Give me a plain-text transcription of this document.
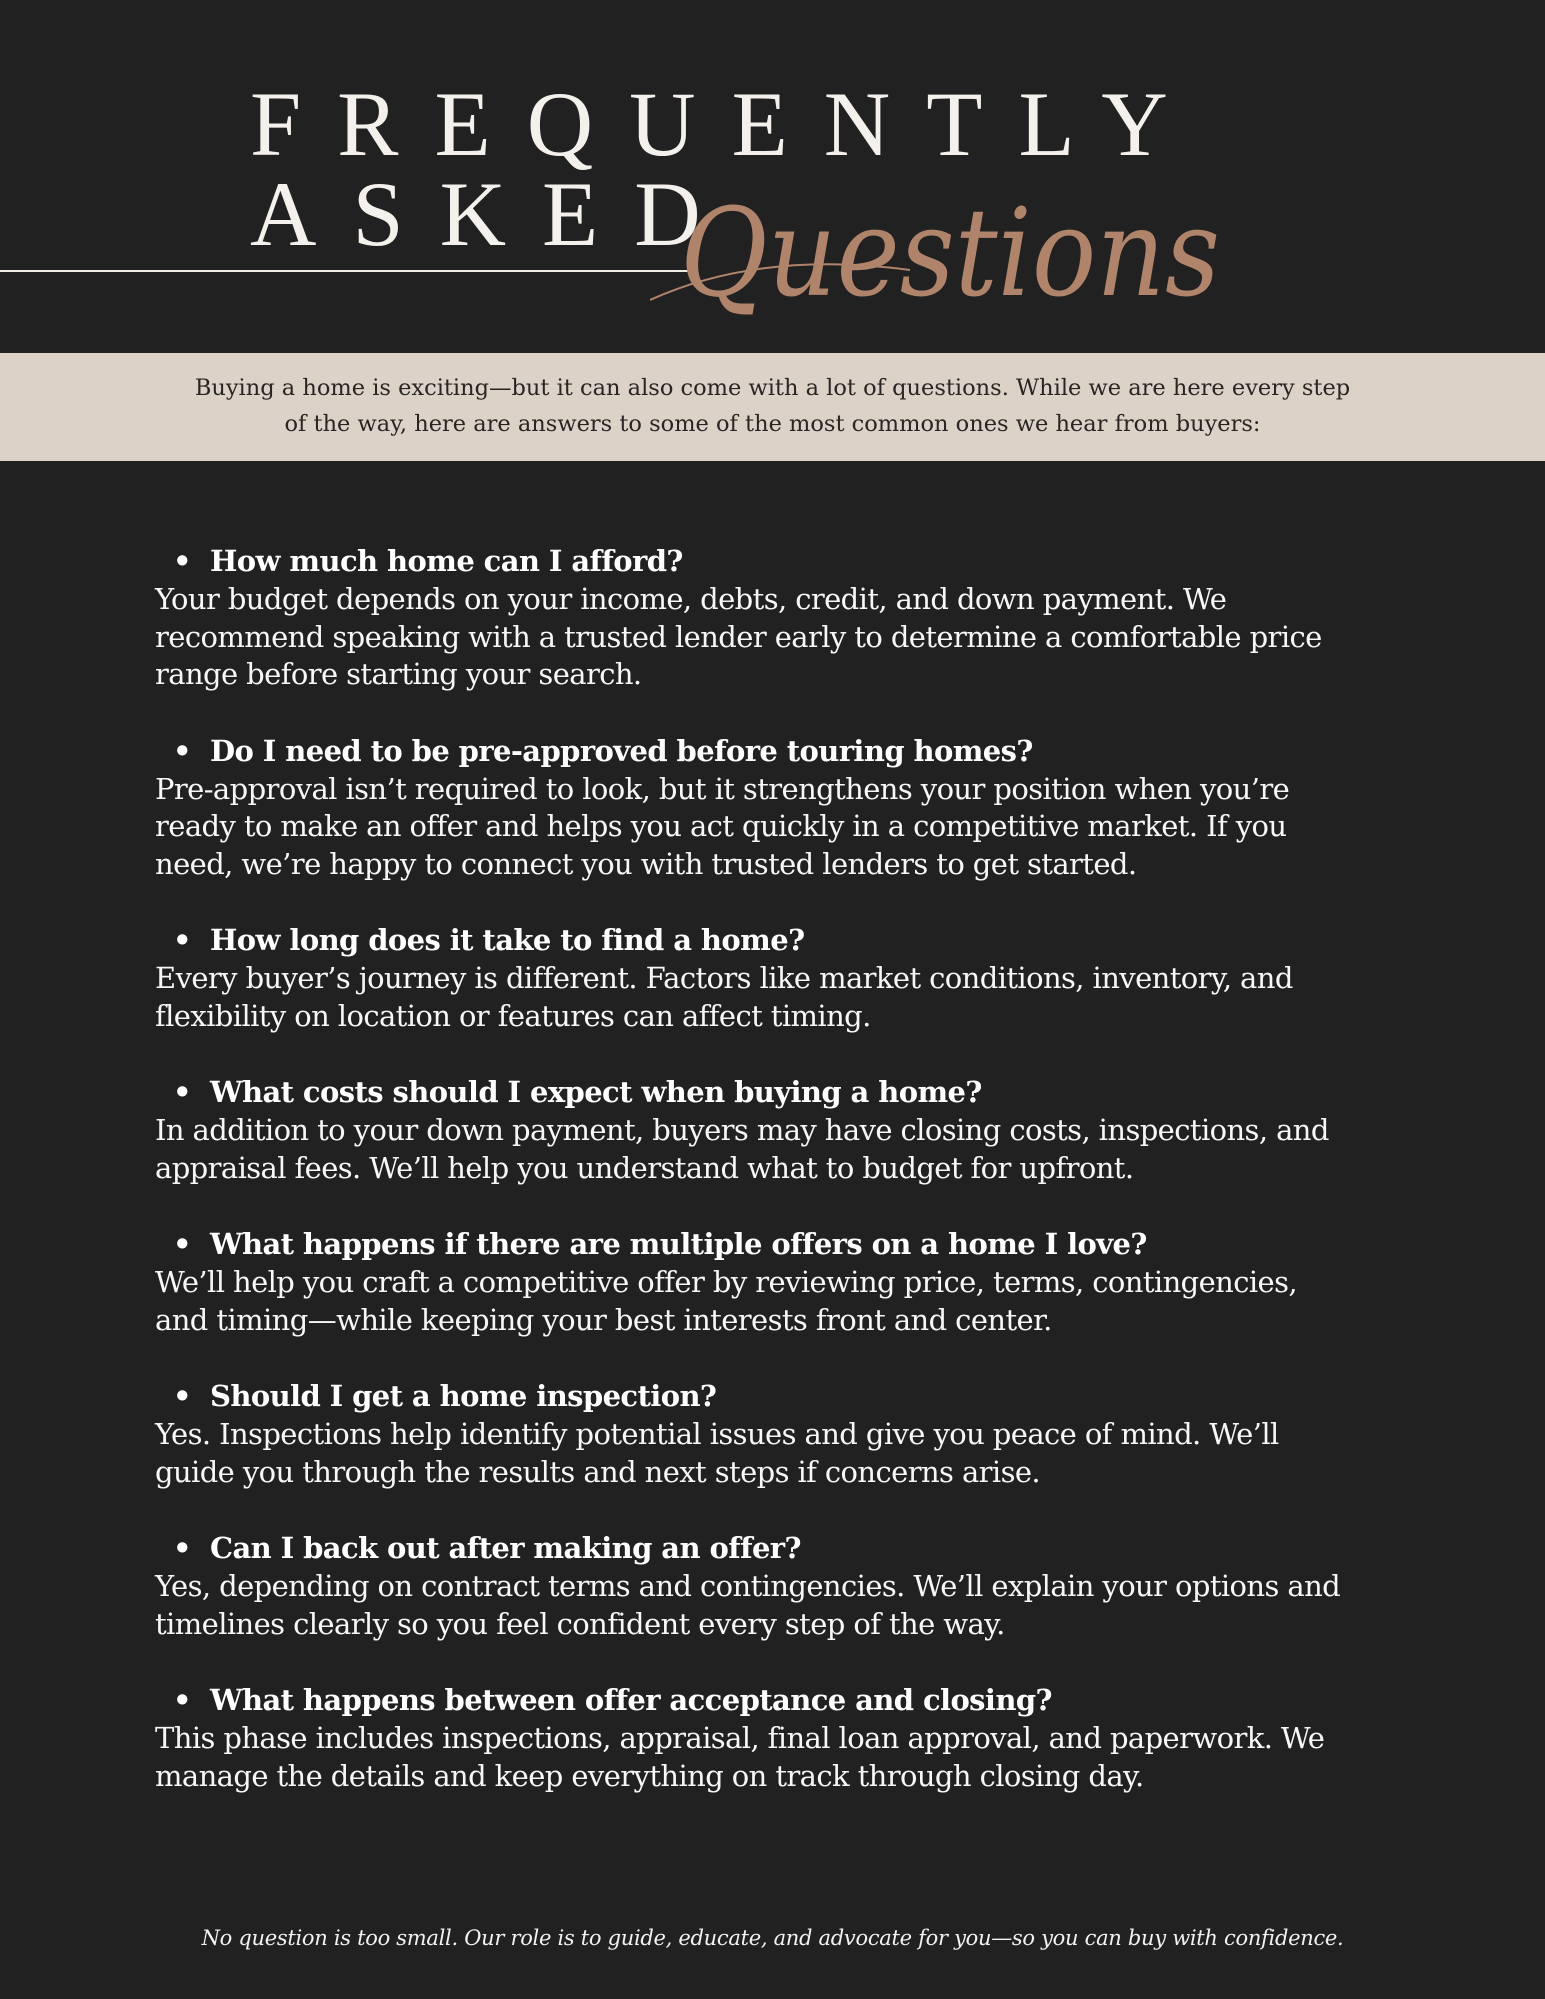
FREQUENTLY
ASKED
Questions
Buying a home is exciting—but it can also come with a lot of questions. While we are here every step
of the way, here are answers to some of the most common ones we hear from buyers:
• How much home can I afford?
Your budget depends on your income, debts, credit, and down payment. We
recommend speaking with a trusted lender early to determine a comfortable price
range before starting your search.
• Do I need to be pre-approved before touring homes?
Pre-approval isn’t required to look, but it strengthens your position when you’re
ready to make an offer and helps you act quickly in a competitive market. If you
need, we’re happy to connect you with trusted lenders to get started.
• How long does it take to find a home?
Every buyer’s journey is different. Factors like market conditions, inventory, and
flexibility on location or features can affect timing.
• What costs should I expect when buying a home?
In addition to your down payment, buyers may have closing costs, inspections, and
appraisal fees. We’ll help you understand what to budget for upfront.
• What happens if there are multiple offers on a home I love?
We’ll help you craft a competitive offer by reviewing price, terms, contingencies,
and timing—while keeping your best interests front and center.
• Should I get a home inspection?
Yes. Inspections help identify potential issues and give you peace of mind. We’ll
guide you through the results and next steps if concerns arise.
• Can I back out after making an offer?
Yes, depending on contract terms and contingencies. We’ll explain your options and
timelines clearly so you feel confident every step of the way.
• What happens between offer acceptance and closing?
This phase includes inspections, appraisal, final loan approval, and paperwork. We
manage the details and keep everything on track through closing day.
No question is too small. Our role is to guide, educate, and advocate for you—so you can buy with confidence.
